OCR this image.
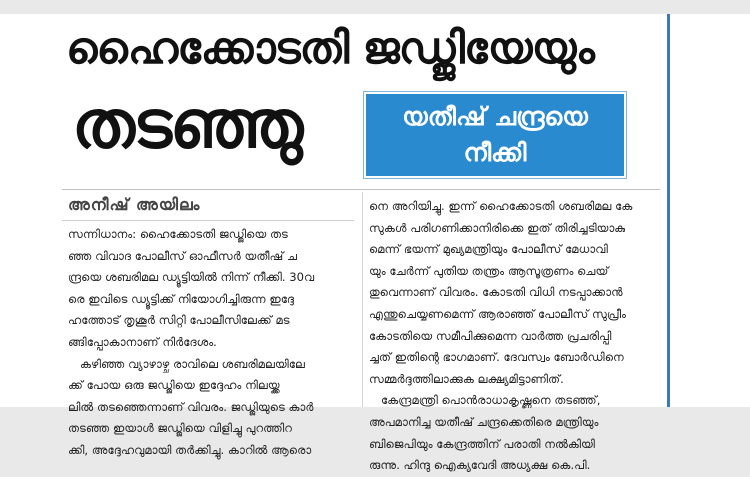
ഹൈക്കോടതി ജഡ്ജിയേയും
തടഞ്ഞു	യതീഷ് ചന്ദ്രയെ
നീക്കി
അനീഷ് അയിലം

സന്നിധാനം: ഹൈക്കോടതി ജഡ്ജിയെ തട

ഞ്ഞ വിവാദ പോലീസ് ഓഫീസർ യതീഷ് ച

ന്ദ്രയെ ശബരിമല ഡ്യൂട്ടിയിൽ നിന്ന് നീക്കി. 30വ

രെ ഇവിടെ ഡ്യൂട്ടിക്ക് നിയോഗിച്ചിരുന്ന ഇദ്ദേ

ഹത്തോട് തൃശൂർ സിറ്റി പോലീസിലേക്ക് മട

ങ്ങിപ്പോകാനാണ് നിർദേശം.

കഴിഞ്ഞ വ്യാഴാഴ്ച രാവിലെ ശബരിമലയിലേ

ക്ക് പോയ ഒരു ജഡ്ജിയെ ഇദ്ദേഹം നിലയ്ക്ക

ലിൽ തടഞ്ഞെന്നാണ് വിവരം. ജഡ്ജിയുടെ കാർ

തടഞ്ഞ ഇയാൾ ജഡ്ജിയെ വിളിച്ചു പുറത്തിറ

ക്കി, അദ്ദേഹവുമായി തർക്കിച്ചു. കാറിൽ ആരൊ

നെ അറിയിച്ചു. ഇന്ന് ഹൈക്കോടതി ശബരിമല കേ

സുകൾ പരിഗണിക്കാനിരിക്കെ ഇത് തിരിച്ചടിയാകു

മെന്ന് ഭയന്ന് മുഖ്യമന്ത്രിയും പോലീസ് മേധാവി

യും ചേർന്ന് പുതിയ തന്ത്രം ആസൂത്രണം ചെയ്

തുവെന്നാണ് വിവരം. കോടതി വിധി നടപ്പാക്കാൻ

എന്തുചെയ്യണമെന്ന് ആരാഞ്ഞ് പോലീസ് സുപ്രീം

കോടതിയെ സമീപിക്കുമെന്ന വാർത്ത പ്രചരിപ്പി

ച്ചത് ഇതിന്റെ ഭാഗമാണ്. ദേവസ്വം ബോർഡിനെ

സമ്മർദ്ദത്തിലാക്കുക ലക്ഷ്യമിട്ടാണിത്.

കേന്ദ്രമന്ത്രി പൊൻരാധാകൃഷ്ണനെ തടഞ്ഞ്,

അപമാനിച്ച യതീഷ് ചന്ദ്രക്കെതിരെ മന്ത്രിയും

ബിജെപിയും കേന്ദ്രത്തിന് പരാതി നൽകിയി

രുന്നു. ഹിന്ദു ഐക്യവേദി അധ്യക്ഷ കെ.പി.
